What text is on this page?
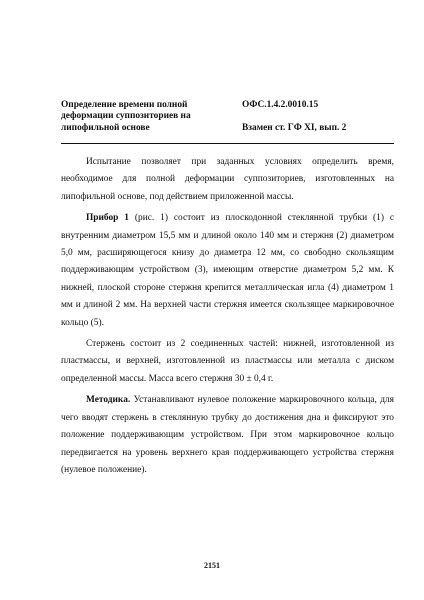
Определение времени полной деформации суппозиториев на липофильной основе
ОФС.1.4.2.0010.15
Взамен ст. ГФ XI, вып. 2

Испытание позволяет при заданных условиях определить время, необходимое для полной деформации суппозиториев, изготовленных на липофильной основе, под действием приложенной массы.

Прибор 1 (рис. 1) состоит из плоскодонной стеклянной трубки (1) с внутренним диаметром 15,5 мм и длиной около 140 мм и стержня (2) диаметром 5,0 мм, расширяющегося книзу до диаметра 12 мм, со свободно скользящим поддерживающим устройством (3), имеющим отверстие диаметром 5,2 мм. К нижней, плоской стороне стержня крепится металлическая игла (4) диаметром 1 мм и длиной 2 мм. На верхней части стержня имеется скользящее маркировочное кольцо (5).

Стержень состоит из 2 соединенных частей: нижней, изготовленной из пластмассы, и верхней, изготовленной из пластмассы или металла с диском определенной массы. Масса всего стержня 30 ± 0,4 г.

Методика. Устанавливают нулевое положение маркировочного кольца, для чего вводят стержень в стеклянную трубку до достижения дна и фиксируют это положение поддерживающим устройством. При этом маркировочное кольцо передвигается на уровень верхнего края поддерживающего устройства стержня (нулевое положение).

2151
